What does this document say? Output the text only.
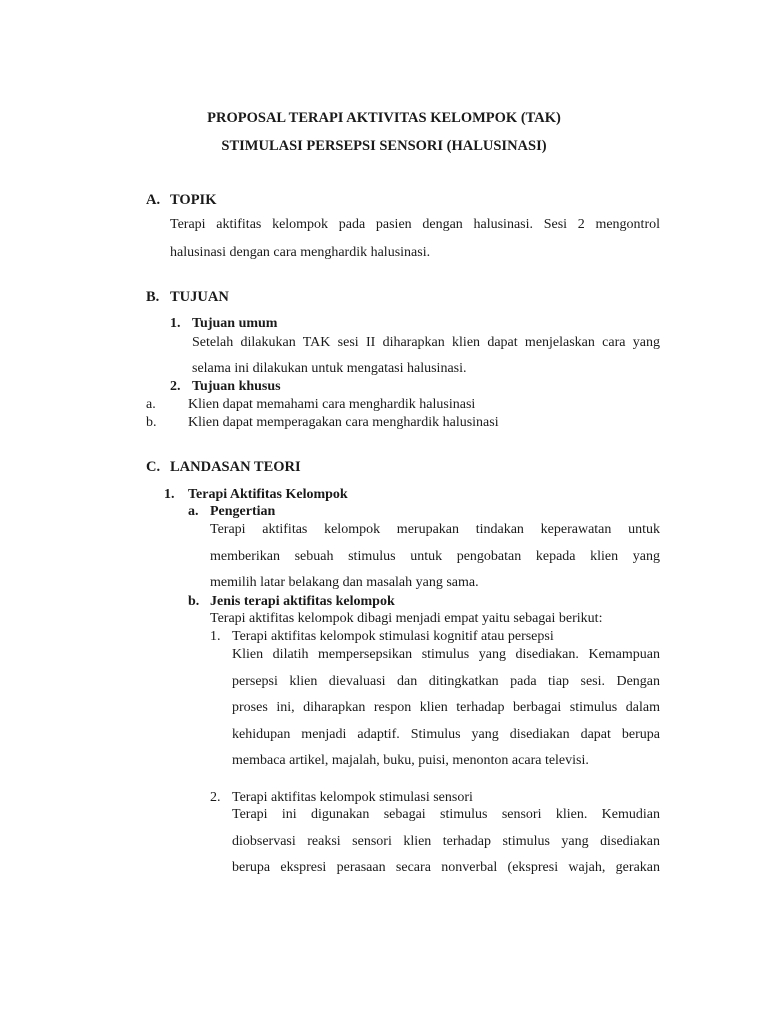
PROPOSAL TERAPI AKTIVITAS KELOMPOK (TAK)
STIMULASI PERSEPSI SENSORI (HALUSINASI)
A. TOPIK
Terapi aktifitas kelompok pada pasien dengan halusinasi. Sesi 2 mengontrol
halusinasi dengan cara menghardik halusinasi.
B. TUJUAN
1. Tujuan umum
Setelah dilakukan TAK sesi II diharapkan klien dapat menjelaskan cara yang
selama ini dilakukan untuk mengatasi halusinasi.
2. Tujuan khusus
a. Klien dapat memahami cara menghardik halusinasi
b. Klien dapat memperagakan cara menghardik halusinasi
C. LANDASAN TEORI
1. Terapi Aktifitas Kelompok
a. Pengertian
Terapi aktifitas kelompok merupakan tindakan keperawatan untuk
memberikan sebuah stimulus untuk pengobatan kepada klien yang
memilih latar belakang dan masalah yang sama.
b. Jenis terapi aktifitas kelompok
Terapi aktifitas kelompok dibagi menjadi empat yaitu sebagai berikut:
1. Terapi aktifitas kelompok stimulasi kognitif atau persepsi
Klien dilatih mempersepsikan stimulus yang disediakan. Kemampuan
persepsi klien dievaluasi dan ditingkatkan pada tiap sesi. Dengan
proses ini, diharapkan respon klien terhadap berbagai stimulus dalam
kehidupan menjadi adaptif. Stimulus yang disediakan dapat berupa
membaca artikel, majalah, buku, puisi, menonton acara televisi.
2. Terapi aktifitas kelompok stimulasi sensori
Terapi ini digunakan sebagai stimulus sensori klien. Kemudian
diobservasi reaksi sensori klien terhadap stimulus yang disediakan
berupa ekspresi perasaan secara nonverbal (ekspresi wajah, gerakan
